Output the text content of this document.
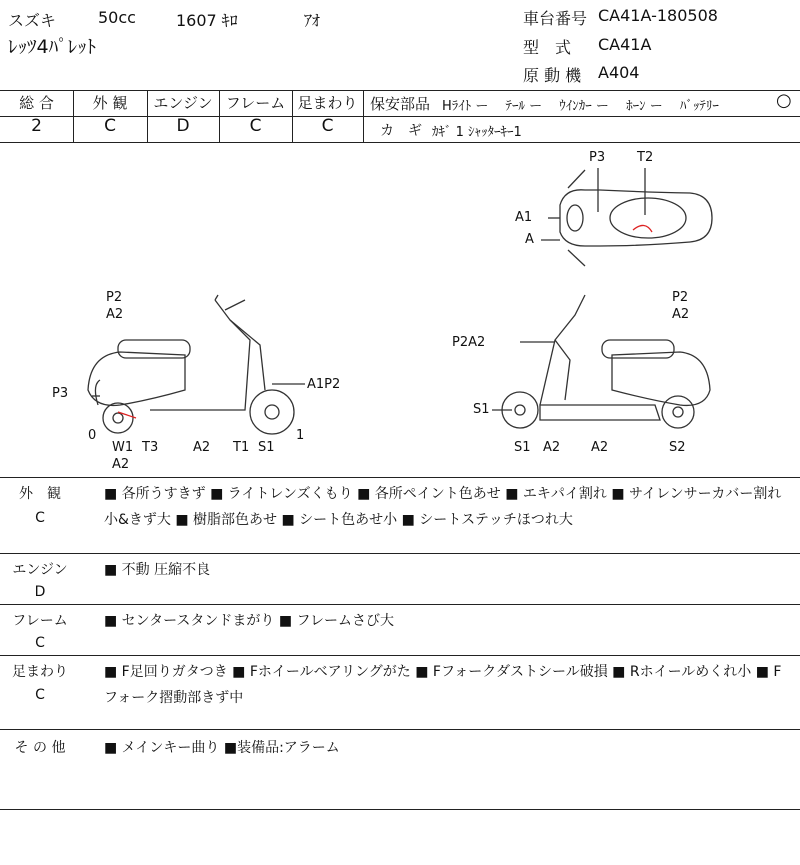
スズキ	50cc	1607 ｷﾛ	ｱｵ
ﾚｯﾂ4ﾊﾟﾚｯﾄ
車台番号 CA41A-180508
型　式 CA41A
原 動 機 A404
総 合	外 観	エンジン フレーム 足まわり
2	C	D	C	C
保安部品 Hﾗｲﾄ ー　 ﾃｰﾙ ー　 ｳｲﾝｶｰ ー　 ﾎｰﾝ ー　 ﾊﾞｯﾃﾘｰ	○
カ　ギ ｶｷﾞ 1 ｼｬｯﾀｰｷｰ1
P3 T2
A1
A
P2
A2
P3
0
W1
A2
T3	A2 T1 S1
1
A1P2
P2A2
P2
A2
S1
S1 A2 A2	S2
外　観
C
■ 各所うすきず ■ ライトレンズくもり ■ 各所ペイント色あせ ■ エキパイ割れ ■ サイレンサーカバー割れ小&きず大 ■ 樹脂部色あせ ■ シート色あせ小 ■ シートステッチほつれ大
エンジン
D
■ 不動 圧縮不良
フレーム
C
■ センタースタンドまがり ■ フレームさび大
足まわり
C
■ F足回りガタつき ■ Fホイールベアリングがた ■ Fフォークダストシール破損 ■ Rホイールめくれ小 ■ Fフォーク摺動部きず中
そ の 他	■ メインキー曲り ■装備品:アラーム
